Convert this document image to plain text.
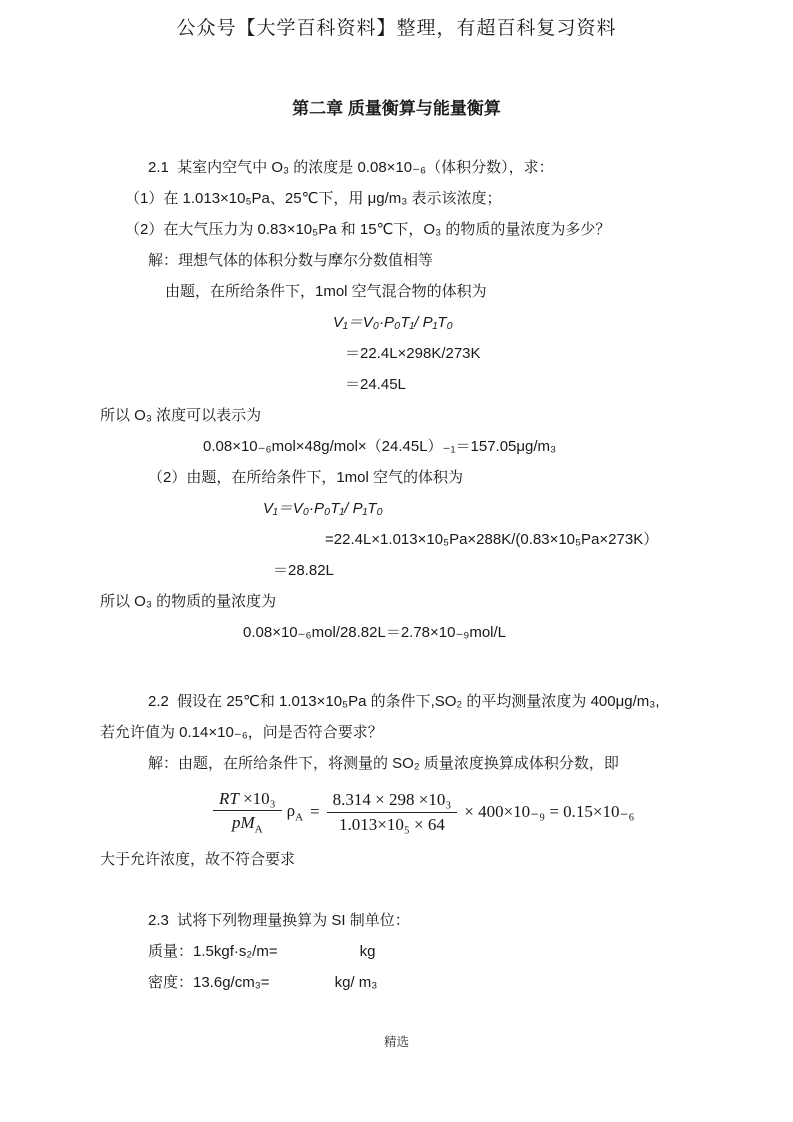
公众号【大学百科资料】整理，有超百科复习资料
第二章 质量衡算与能量衡算

2.1  某室内空气中 O₃ 的浓度是 0.08×10₋₆（体积分数），求：

（1）在 1.013×10₅Pa、25℃下，用 μg/m₃ 表示该浓度；

（2）在大气压力为 0.83×10₅Pa 和 15℃下，O₃ 的物质的量浓度为多少？

解：理想气体的体积分数与摩尔分数值相等

由题，在所给条件下，1mol 空气混合物的体积为

V₁＝V₀·P₀T₁/ P₁T₀

＝22.4L×298K/273K

＝24.45L

所以 O₃ 浓度可以表示为

0.08×10₋₆mol×48g/mol×（24.45L）₋₁＝157.05μg/m₃

（2）由题，在所给条件下，1mol 空气的体积为

V₁＝V₀·P₀T₁/ P₁T₀

=22.4L×1.013×10₅Pa×288K/(0.83×10₅Pa×273K）

＝28.82L

所以 O₃ 的物质的量浓度为

0.08×10₋₆mol/28.82L＝2.78×10₋₉mol/L

2.2  假设在 25℃和 1.013×10₅Pa 的条件下,SO₂ 的平均测量浓度为 400μg/m₃,

若允许值为 0.14×10₋₆，问是否符合要求？

解：由题，在所给条件下，将测量的 SO₂ 质量浓度换算成体积分数，即

$\frac{\text{RT ×10₃}}{pM_A} \rho_A = \frac{\text{8.314 × 298 ×10₃}}{\text{1.013×10₅ × 64}} \times 400\times 10_{-9} = 0.15\times 10_{-6}$

大于允许浓度，故不符合要求

2.3  试将下列物理量换算为 SI 制单位：

质量：1.5kgf·s₂/m=	kg

密度：13.6g/cm₃=	kg/ m₃

精选
